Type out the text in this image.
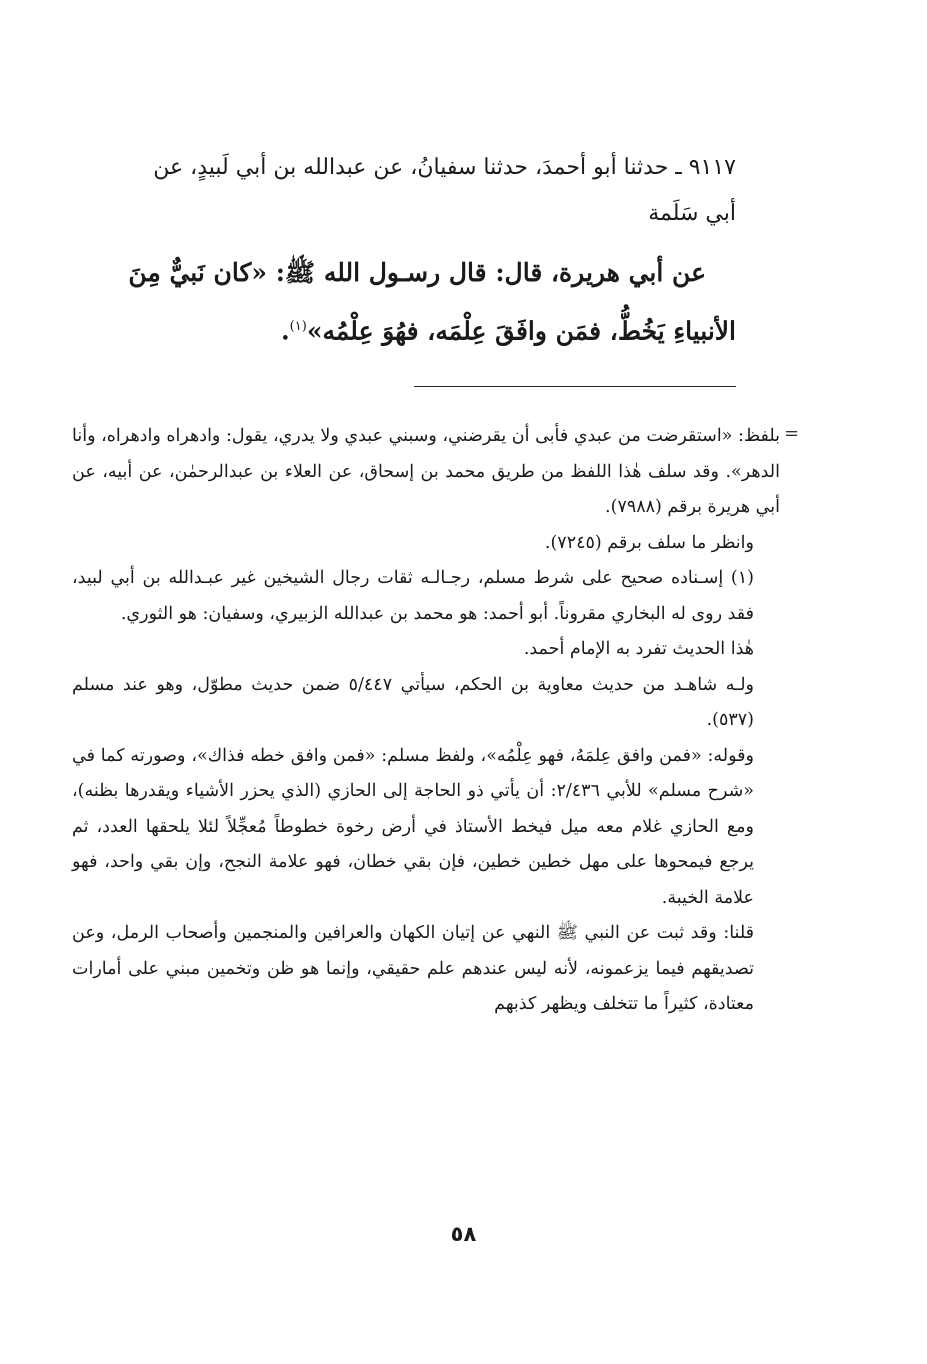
٩١١٧ ـ حدثنا أبو أحمدَ، حدثنا سفيانُ، عن عبدالله بن أبي لَبيدٍ، عن

أبي سَلَمة

عن أبي هريرة، قال: قال رسـول الله ﷺ: «كان نَبيٌّ مِنَ

الأنبياءِ يَخُطُّ، فمَن وافَقَ عِلْمَه، فهُوَ عِلْمُه»$^{(١)}$.

=

بلفظ: «استقرضت من عبدي فأبى أن يقرضني، وسبني عبدي ولا يدري، يقول: وادهراه وادهراه، وأنا الدهر». وقد سلف هٰذا اللفظ من طريق محمد بن إسحاق، عن العلاء بن عبدالرحمٰن، عن أبيه، عن أبي هريرة برقم (٧٩٨٨).

وانظر ما سلف برقم (٧٢٤٥).

(١) إسـناده صحيح على شرط مسلم، رجـالـه ثقات رجال الشيخين غير عبـدالله بن أبي لبيد، فقد روى له البخاري مقروناً. أبو أحمد: هو محمد بن عبدالله الزبيري، وسفيان: هو الثوري.

هٰذا الحديث تفرد به الإمام أحمد.

ولـه شاهـد من حديث معاوية بن الحكم، سيأتي ٥/٤٤٧ ضمن حديث مطوّل، وهو عند مسلم (٥٣٧).

وقوله: «فمن وافق عِلمَهُ، فهو عِلْمُه»، ولفظ مسلم: «فمن وافق خطه فذاك»، وصورته كما في «شرح مسلم» للأبي ٢/٤٣٦: أن يأتي ذو الحاجة إلى الحازي (الذي يحزر الأشياء ويقدرها بظنه)، ومع الحازي غلام معه ميل فيخط الأستاذ في أرض رخوة خطوطاً مُعجِّلاً لئلا يلحقها العدد، ثم يرجع فيمحوها على مهل خطين خطين، فإن بقي خطان، فهو علامة النجح، وإن بقي واحد، فهو علامة الخيبة.

قلنا: وقد ثبت عن النبي ﷺ النهي عن إتيان الكهان والعرافين والمنجمين وأصحاب الرمل، وعن تصديقهم فيما يزعمونه، لأنه ليس عندهم علم حقيقي، وإنما هو ظن وتخمين مبني على أمارات معتادة، كثيراً ما تتخلف ويظهر كذبهم

٥٨
